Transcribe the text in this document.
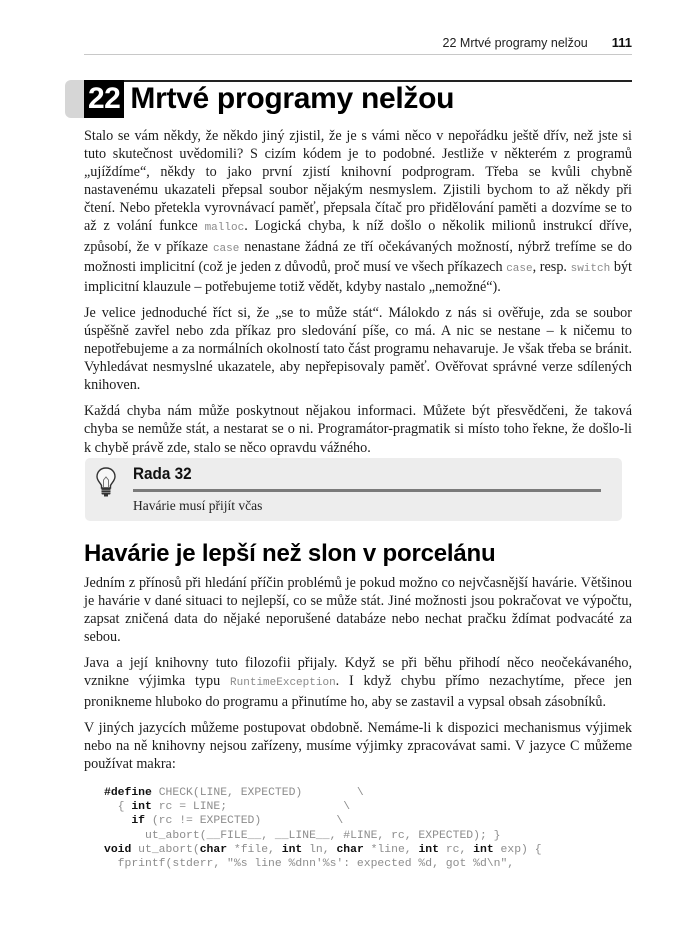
22 Mrtvé programy nelžou 111
22 Mrtvé programy nelžou

Stalo se vám někdy, že někdo jiný zjistil, že je s vámi něco v nepořádku ještě dřív, než jste si tuto skutečnost uvědomili? S cizím kódem je to podobné. Jestliže v některém z programů „ujíždíme“, někdy to jako první zjistí knihovní podprogram. Třeba se kvůli chybně nastavenému ukazateli přepsal soubor nějakým nesmyslem. Zjistili bychom to až někdy při čtení. Nebo přetekla vyrovnávací paměť, přepsala čítač pro přidělování paměti a dozvíme se to až z volání funkce malloc. Logická chyba, k níž došlo o několik milionů instrukcí dříve, způsobí, že v příkaze case nenastane žádná ze tří očekávaných možností, nýbrž trefíme se do možnosti implicitní (což je jeden z důvodů, proč musí ve všech příkazech case, resp. switch být implicitní klauzule – potřebujeme totiž vědět, kdyby nastalo „nemožné“).

Je velice jednoduché říct si, že „se to může stát“. Málokdo z nás si ověřuje, zda se soubor úspěšně zavřel nebo zda příkaz pro sledování píše, co má. A nic se nestane – k ničemu to nepotřebujeme a za normálních okolností tato část programu nehavaruje. Je však třeba se bránit. Vyhledávat nesmyslné ukazatele, aby nepřepisovaly paměť. Ověřovat správné verze sdílených knihoven.

Každá chyba nám může poskytnout nějakou informaci. Můžete být přesvědčeni, že taková chyba se nemůže stát, a nestarat se o ni. Programátor-pragmatik si místo toho řekne, že došlo-li k chybě právě zde, stalo se něco opravdu vážného.

Rada 32
Havárie musí přijít včas
Havárie je lepší než slon v porcelánu

Jedním z přínosů při hledání příčin problémů je pokud možno co nejvčasnější havárie. Většinou je havárie v dané situaci to nejlepší, co se může stát. Jiné možnosti jsou pokračovat ve výpočtu, zapsat zničená data do nějaké neporušené databáze nebo nechat pračku ždímat podvacáté za sebou.

Java a její knihovny tuto filozofii přijaly. Když se při běhu přihodí něco neočekávaného, vznikne výjimka typu RuntimeException. I když chybu přímo nezachytíme, přece jen pronikneme hluboko do programu a přinutíme ho, aby se zastavil a vypsal obsah zásobníků.

V jiných jazycích můžeme postupovat obdobně. Nemáme-li k dispozici mechanismus výjimek nebo na ně knihovny nejsou zařízeny, musíme výjimky zpracovávat sami. V jazyce C můžeme používat makra:

#define CHECK(LINE, EXPECTED)        \
{ int rc = LINE;                 \
if (rc != EXPECTED)           \
ut_abort(__FILE__, __LINE__, #LINE, rc, EXPECTED); }
void ut_abort(char *file, int ln, char *line, int rc, int exp) {
fprintf(stderr, "%s line %dnn'%s': expected %d, got %d\n",
